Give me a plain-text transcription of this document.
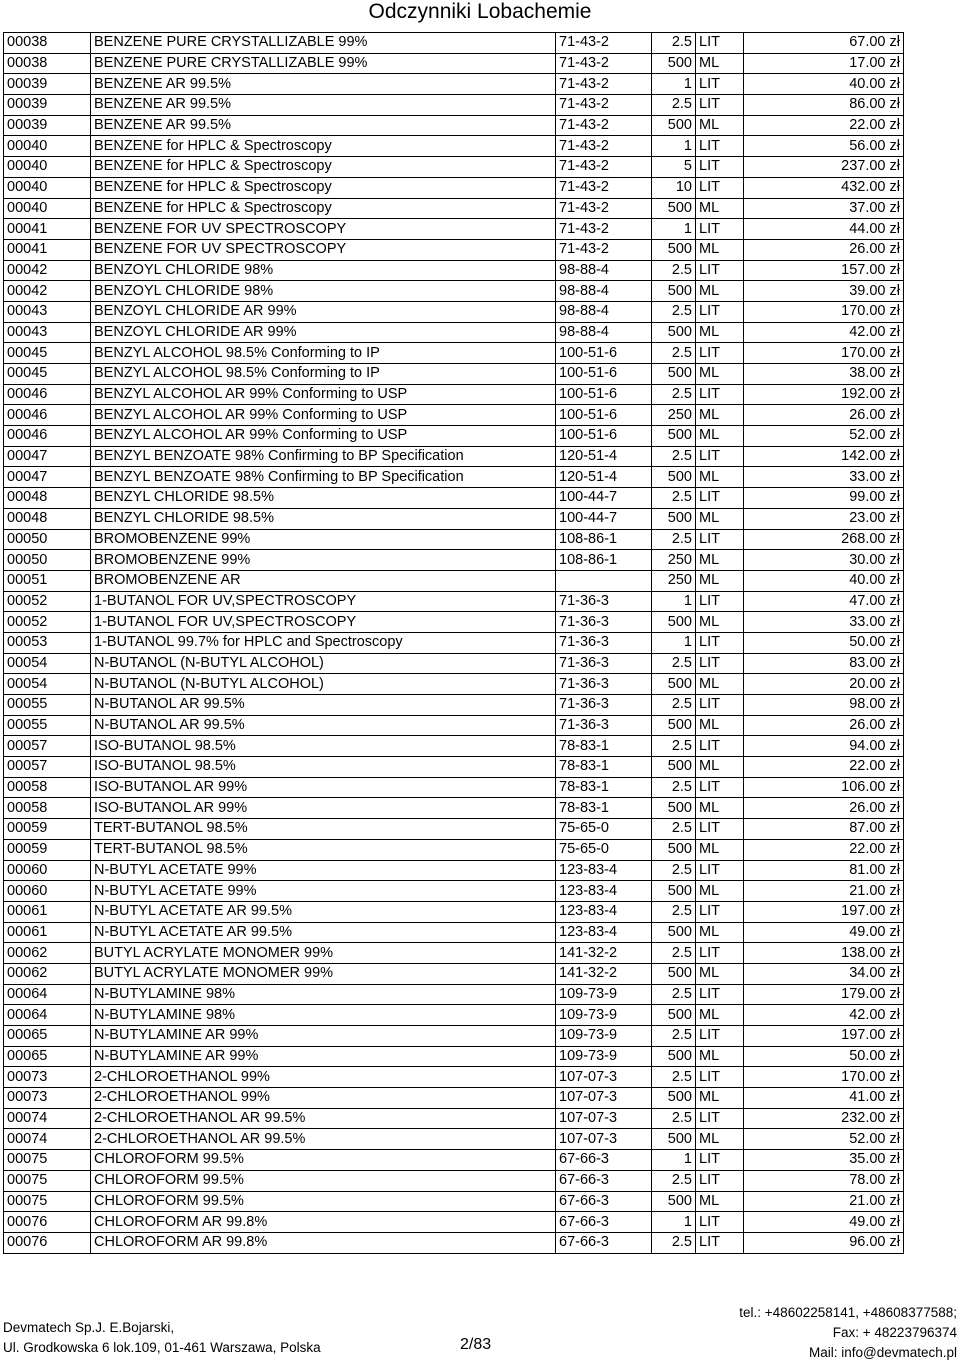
Odczynniki Lobachemie
00038	BENZENE PURE CRYSTALLIZABLE 99%	71-43-2	2.5	LIT	67.00 zł
00038	BENZENE PURE CRYSTALLIZABLE 99%	71-43-2	500	ML	17.00 zł
00039	BENZENE AR 99.5%	71-43-2	1	LIT	40.00 zł
00039	BENZENE AR 99.5%	71-43-2	2.5	LIT	86.00 zł
00039	BENZENE AR 99.5%	71-43-2	500	ML	22.00 zł
00040	BENZENE for HPLC & Spectroscopy	71-43-2	1	LIT	56.00 zł
00040	BENZENE for HPLC & Spectroscopy	71-43-2	5	LIT	237.00 zł
00040	BENZENE for HPLC & Spectroscopy	71-43-2	10	LIT	432.00 zł
00040	BENZENE for HPLC & Spectroscopy	71-43-2	500	ML	37.00 zł
00041	BENZENE FOR UV SPECTROSCOPY	71-43-2	1	LIT	44.00 zł
00041	BENZENE FOR UV SPECTROSCOPY	71-43-2	500	ML	26.00 zł
00042	BENZOYL CHLORIDE 98%	98-88-4	2.5	LIT	157.00 zł
00042	BENZOYL CHLORIDE 98%	98-88-4	500	ML	39.00 zł
00043	BENZOYL CHLORIDE AR 99%	98-88-4	2.5	LIT	170.00 zł
00043	BENZOYL CHLORIDE AR 99%	98-88-4	500	ML	42.00 zł
00045	BENZYL ALCOHOL 98.5% Conforming to IP	100-51-6	2.5	LIT	170.00 zł
00045	BENZYL ALCOHOL 98.5% Conforming to IP	100-51-6	500	ML	38.00 zł
00046	BENZYL ALCOHOL AR 99% Conforming to USP	100-51-6	2.5	LIT	192.00 zł
00046	BENZYL ALCOHOL AR 99% Conforming to USP	100-51-6	250	ML	26.00 zł
00046	BENZYL ALCOHOL AR 99% Conforming to USP	100-51-6	500	ML	52.00 zł
00047	BENZYL BENZOATE 98% Confirming to BP Specification	120-51-4	2.5	LIT	142.00 zł
00047	BENZYL BENZOATE 98% Confirming to BP Specification	120-51-4	500	ML	33.00 zł
00048	BENZYL CHLORIDE 98.5%	100-44-7	2.5	LIT	99.00 zł
00048	BENZYL CHLORIDE 98.5%	100-44-7	500	ML	23.00 zł
00050	BROMOBENZENE 99%	108-86-1	2.5	LIT	268.00 zł
00050	BROMOBENZENE 99%	108-86-1	250	ML	30.00 zł
00051	BROMOBENZENE AR		250	ML	40.00 zł
00052	1-BUTANOL FOR UV,SPECTROSCOPY	71-36-3	1	LIT	47.00 zł
00052	1-BUTANOL FOR UV,SPECTROSCOPY	71-36-3	500	ML	33.00 zł
00053	1-BUTANOL 99.7% for HPLC and Spectroscopy	71-36-3	1	LIT	50.00 zł
00054	N-BUTANOL (N-BUTYL ALCOHOL)	71-36-3	2.5	LIT	83.00 zł
00054	N-BUTANOL (N-BUTYL ALCOHOL)	71-36-3	500	ML	20.00 zł
00055	N-BUTANOL AR 99.5%	71-36-3	2.5	LIT	98.00 zł
00055	N-BUTANOL AR 99.5%	71-36-3	500	ML	26.00 zł
00057	ISO-BUTANOL 98.5%	78-83-1	2.5	LIT	94.00 zł
00057	ISO-BUTANOL 98.5%	78-83-1	500	ML	22.00 zł
00058	ISO-BUTANOL AR 99%	78-83-1	2.5	LIT	106.00 zł
00058	ISO-BUTANOL AR 99%	78-83-1	500	ML	26.00 zł
00059	TERT-BUTANOL 98.5%	75-65-0	2.5	LIT	87.00 zł
00059	TERT-BUTANOL 98.5%	75-65-0	500	ML	22.00 zł
00060	N-BUTYL ACETATE 99%	123-83-4	2.5	LIT	81.00 zł
00060	N-BUTYL ACETATE 99%	123-83-4	500	ML	21.00 zł
00061	N-BUTYL ACETATE AR 99.5%	123-83-4	2.5	LIT	197.00 zł
00061	N-BUTYL ACETATE AR 99.5%	123-83-4	500	ML	49.00 zł
00062	BUTYL ACRYLATE MONOMER 99%	141-32-2	2.5	LIT	138.00 zł
00062	BUTYL ACRYLATE MONOMER 99%	141-32-2	500	ML	34.00 zł
00064	N-BUTYLAMINE 98%	109-73-9	2.5	LIT	179.00 zł
00064	N-BUTYLAMINE 98%	109-73-9	500	ML	42.00 zł
00065	N-BUTYLAMINE AR 99%	109-73-9	2.5	LIT	197.00 zł
00065	N-BUTYLAMINE AR 99%	109-73-9	500	ML	50.00 zł
00073	2-CHLOROETHANOL 99%	107-07-3	2.5	LIT	170.00 zł
00073	2-CHLOROETHANOL 99%	107-07-3	500	ML	41.00 zł
00074	2-CHLOROETHANOL AR 99.5%	107-07-3	2.5	LIT	232.00 zł
00074	2-CHLOROETHANOL AR 99.5%	107-07-3	500	ML	52.00 zł
00075	CHLOROFORM 99.5%	67-66-3	1	LIT	35.00 zł
00075	CHLOROFORM 99.5%	67-66-3	2.5	LIT	78.00 zł
00075	CHLOROFORM 99.5%	67-66-3	500	ML	21.00 zł
00076	CHLOROFORM AR 99.8%	67-66-3	1	LIT	49.00 zł
00076	CHLOROFORM AR 99.8%	67-66-3	2.5	LIT	96.00 zł
Devmatech Sp.J. E.Bojarski,
Ul. Grodkowska 6 lok.109, 01-461 Warszawa, Polska	2/83
tel.: +48602258141, +48608377588;
Fax: + 48223796374
Mail: info@devmatech.pl
